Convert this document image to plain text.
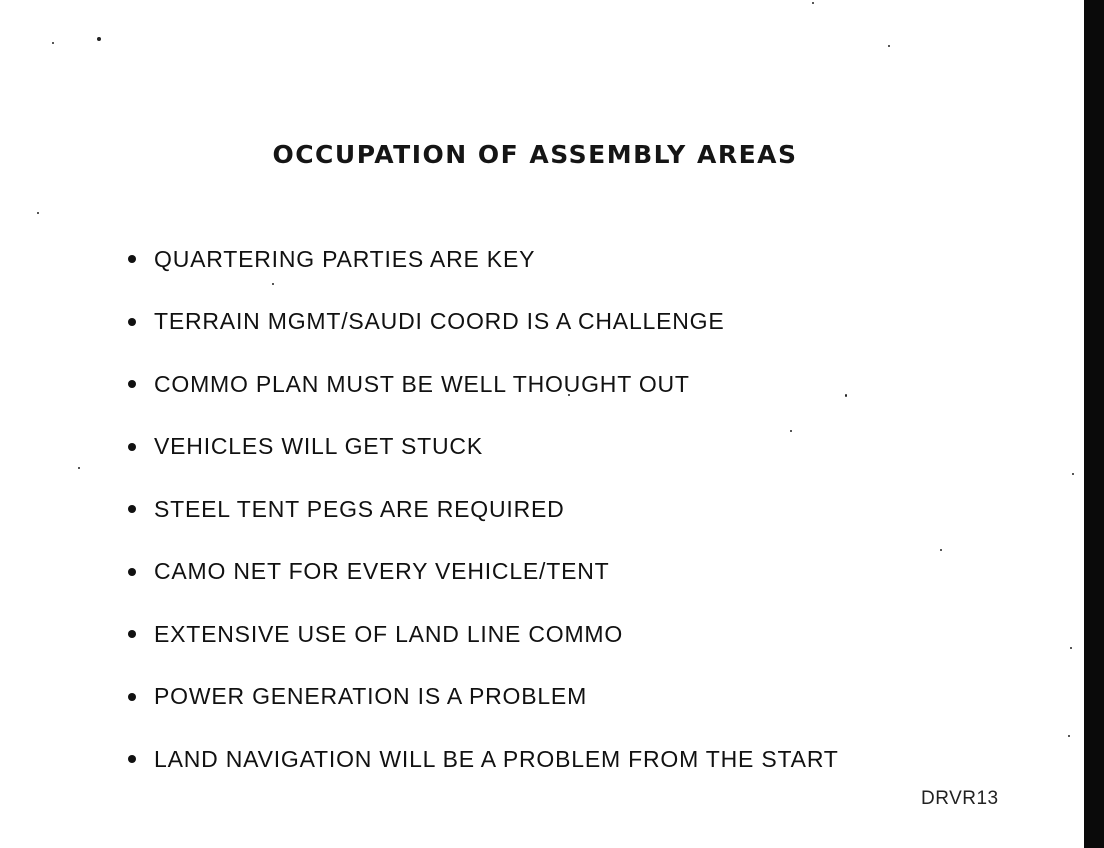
OCCUPATION OF ASSEMBLY AREAS
QUARTERING PARTIES ARE KEY
TERRAIN MGMT/SAUDI COORD IS A CHALLENGE
COMMO PLAN MUST BE WELL THOUGHT OUT
VEHICLES WILL GET STUCK
STEEL TENT PEGS ARE REQUIRED
CAMO NET FOR EVERY VEHICLE/TENT
EXTENSIVE USE OF LAND LINE COMMO
POWER GENERATION IS A PROBLEM
LAND NAVIGATION WILL BE A PROBLEM FROM THE START
DRVR13
